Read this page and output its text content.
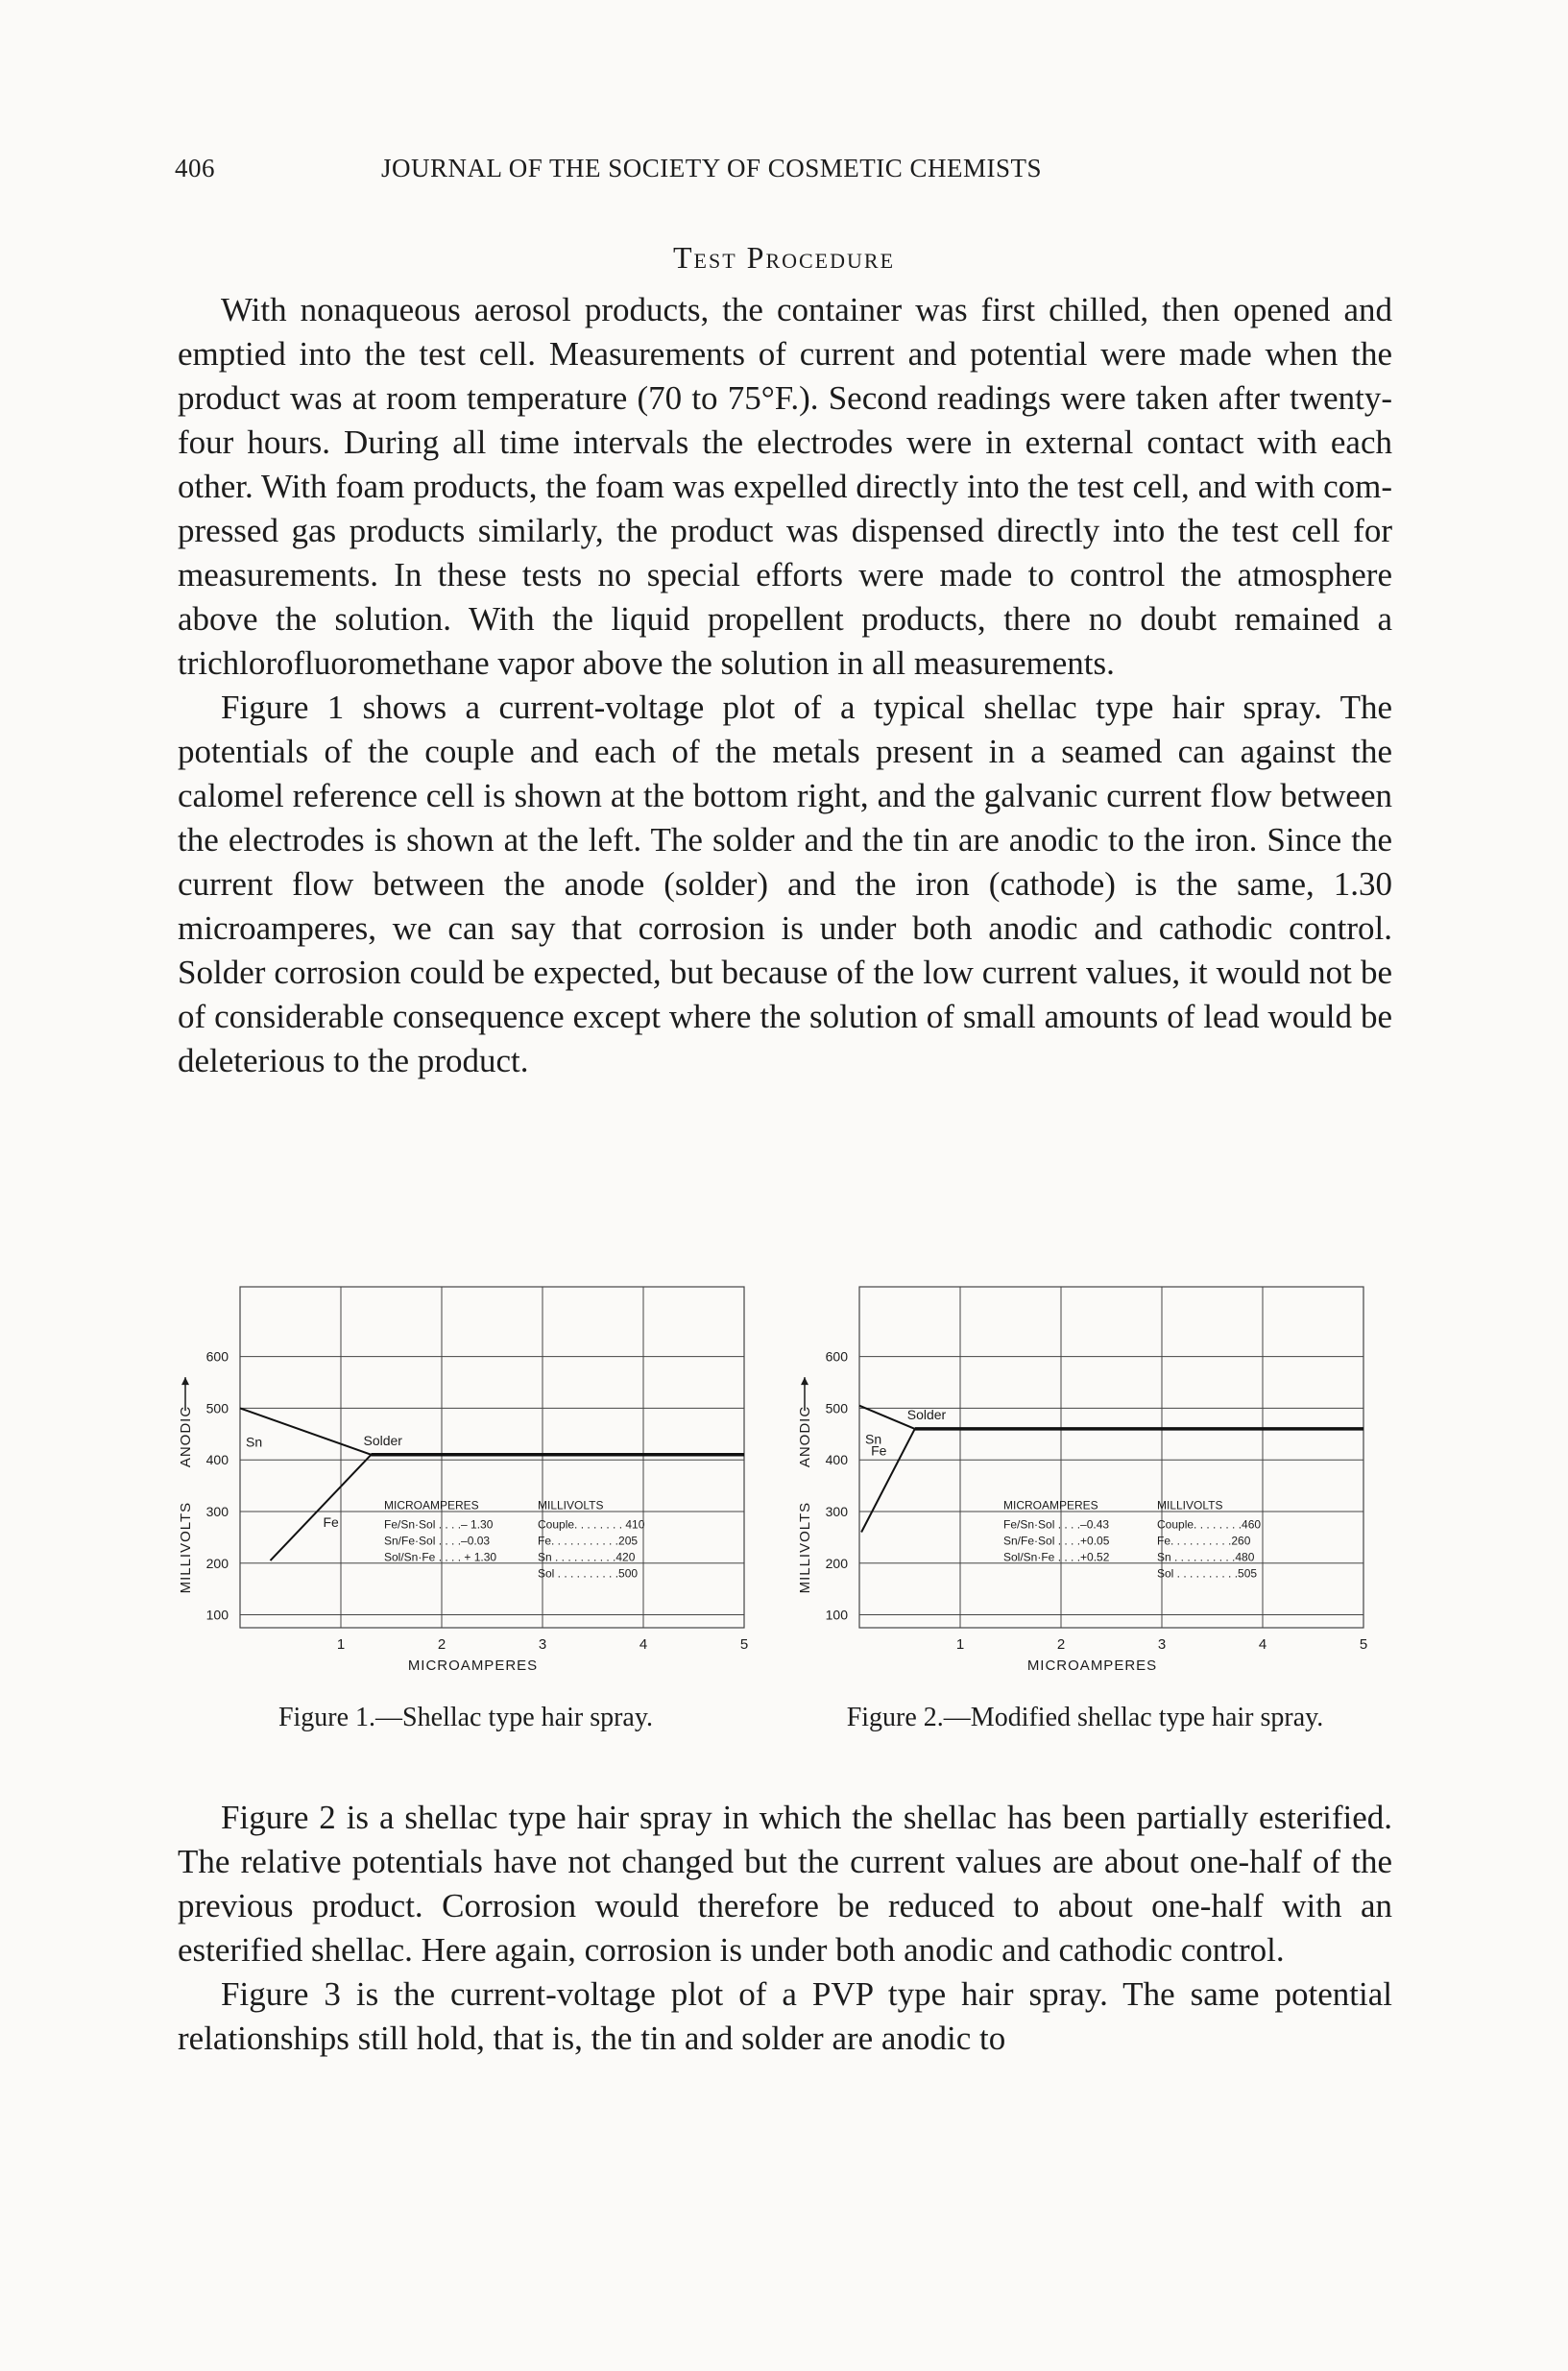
406	JOURNAL OF THE SOCIETY OF COSMETIC CHEMISTS
Test Procedure

With nonaqueous aerosol products, the container was first chilled, then opened and emptied into the test cell. Measurements of current and potential were made when the product was at room temperature (70 to 75°F.). Second readings were taken after twenty-four hours. During all time intervals the electrodes were in external contact with each other. With foam products, the foam was expelled directly into the test cell, and with compressed gas products similarly, the product was dispensed directly into the test cell for measurements. In these tests no special efforts were made to control the atmosphere above the solution. With the liquid propellent products, there no doubt remained a trichlorofluoromethane vapor above the solution in all measurements.

Figure 1 shows a current-voltage plot of a typical shellac type hair spray. The potentials of the couple and each of the metals present in a seamed can against the calomel reference cell is shown at the bottom right, and the galvanic current flow between the electrodes is shown at the left. The solder and the tin are anodic to the iron. Since the current flow between the anode (solder) and the iron (cathode) is the same, 1.30 microamperes, we can say that corrosion is under both anodic and cathodic control. Solder corrosion could be expected, but because of the low current values, it would not be of considerable consequence except where the solution of small amounts of lead would be deleterious to the product.

1	2	3	4	5
100
200
300
400
500
600
MICROAMPERES
MILLIVOLTS
ANODIC	Sn	Solder
Fe
MICROAMPERES	MILLIVOLTS
Fe/Sn·Sol . . . .– 1.30
Sn/Fe·Sol . . . .–0.03
Sol/Sn·Fe . . . . + 1.30
Couple. . . . . . . . 410
Fe. . . . . . . . . . .205
Sn . . . . . . . . . .420
Sol . . . . . . . . . .500
Figure 1.—Shellac type hair spray.
1	2	3	4	5
100
200
300
400
500
600
MICROAMPERES
MILLIVOLTS
ANODIC	Sn
Solder
Fe
MICROAMPERES	MILLIVOLTS
Fe/Sn·Sol . . . .–0.43
Sn/Fe·Sol . . . .+0.05
Sol/Sn·Fe . . . .+0.52
Couple. . . . . . . .460
Fe. . . . . . . . . .260
Sn . . . . . . . . . .480
Sol . . . . . . . . . .505
Figure 2.—Modified shellac type hair spray.

Figure 2 is a shellac type hair spray in which the shellac has been partially esterified. The relative potentials have not changed but the current values are about one-half of the previous product. Corrosion would therefore be reduced to about one-half with an esterified shellac. Here again, corrosion is under both anodic and cathodic control.

Figure 3 is the current-voltage plot of a PVP type hair spray. The same potential relationships still hold, that is, the tin and solder are anodic to
